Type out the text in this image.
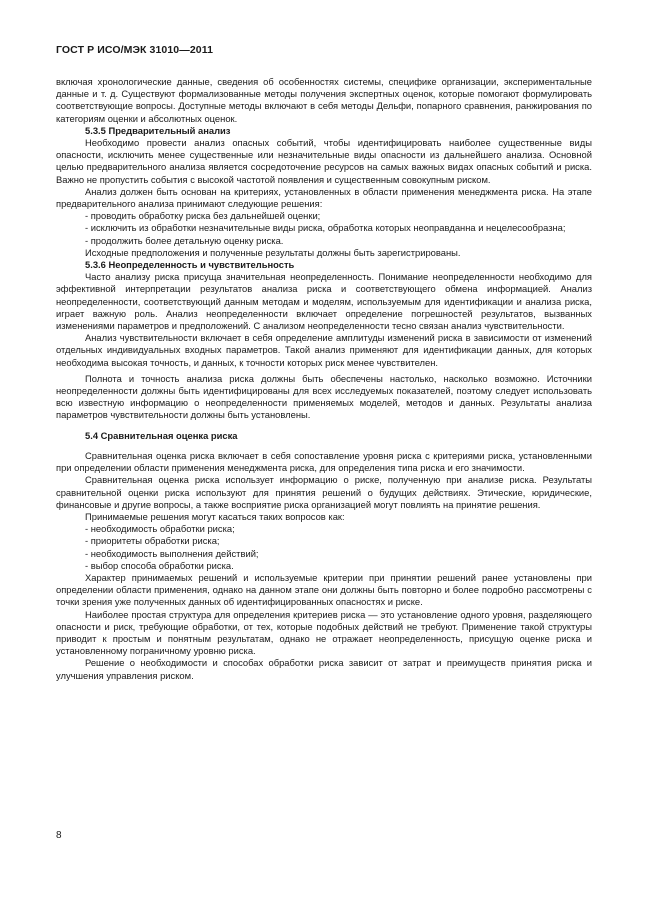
ГОСТ Р ИСО/МЭК 31010—2011

включая хронологические данные, сведения об особенностях системы, специфике организации, экспериментальные данные и т. д. Существуют формализованные методы получения экспертных оценок, которые помогают формулировать соответствующие вопросы. Доступные методы включают в себя методы Дельфи, попарного сравнения, ранжирования по категориям оценки и абсолютных оценок.

5.3.5 Предварительный анализ

Необходимо провести анализ опасных событий, чтобы идентифицировать наиболее существенные виды опасности, исключить менее существенные или незначительные виды опасности из дальнейшего анализа. Основной целью предварительного анализа является сосредоточение ресурсов на самых важных видах опасных событий и риска. Важно не пропустить события с высокой частотой появления и существенным совокупным риском.

Анализ должен быть основан на критериях, установленных в области применения менеджмента риска. На этапе предварительного анализа принимают следующие решения:

- проводить обработку риска без дальнейшей оценки;

- исключить из обработки незначительные виды риска, обработка которых неоправданна и нецелесообразна;

- продолжить более детальную оценку риска.

Исходные предположения и полученные результаты должны быть зарегистрированы.

5.3.6 Неопределенность и чувствительность

Часто анализу риска присуща значительная неопределенность. Понимание неопределенности необходимо для эффективной интерпретации результатов анализа риска и соответствующего обмена информацией. Анализ неопределенности, соответствующий данным методам и моделям, используемым для идентификации и анализа риска, играет важную роль. Анализ неопределенности включает определение погрешностей результатов, вызванных изменениями параметров и предположений. С анализом неопределенности тесно связан анализ чувствительности.

Анализ чувствительности включает в себя определение амплитуды изменений риска в зависимости от изменений отдельных индивидуальных входных параметров. Такой анализ применяют для идентификации данных, для которых необходима высокая точность, и данных, к точности которых риск менее чувствителен.

Полнота и точность анализа риска должны быть обеспечены настолько, насколько возможно. Источники неопределенности должны быть идентифицированы для всех исследуемых показателей, поэтому следует использовать всю известную информацию о неопределенности применяемых моделей, методов и данных. Результаты анализа параметров чувствительности должны быть установлены.

5.4 Сравнительная оценка риска

Сравнительная оценка риска включает в себя сопоставление уровня риска с критериями риска, установленными при определении области применения менеджмента риска, для определения типа риска и его значимости.

Сравнительная оценка риска использует информацию о риске, полученную при анализе риска. Результаты сравнительной оценки риска используют для принятия решений о будущих действиях. Этические, юридические, финансовые и другие вопросы, а также восприятие риска организацией могут повлиять на принятие решения.

Принимаемые решения могут касаться таких вопросов как:

- необходимость обработки риска;

- приоритеты обработки риска;

- необходимость выполнения действий;

- выбор способа обработки риска.

Характер принимаемых решений и используемые критерии при принятии решений ранее установлены при определении области применения, однако на данном этапе они должны быть повторно и более подробно рассмотрены с точки зрения уже полученных данных об идентифицированных опасностях и риске.

Наиболее простая структура для определения критериев риска — это установление одного уровня, разделяющего опасности и риск, требующие обработки, от тех, которые подобных действий не требуют. Применение такой структуры приводит к простым и понятным результатам, однако не отражает неопределенность, присущую оценке риска и установленному пограничному уровню риска.

Решение о необходимости и способах обработки риска зависит от затрат и преимуществ принятия риска и улучшения управления риском.

8
